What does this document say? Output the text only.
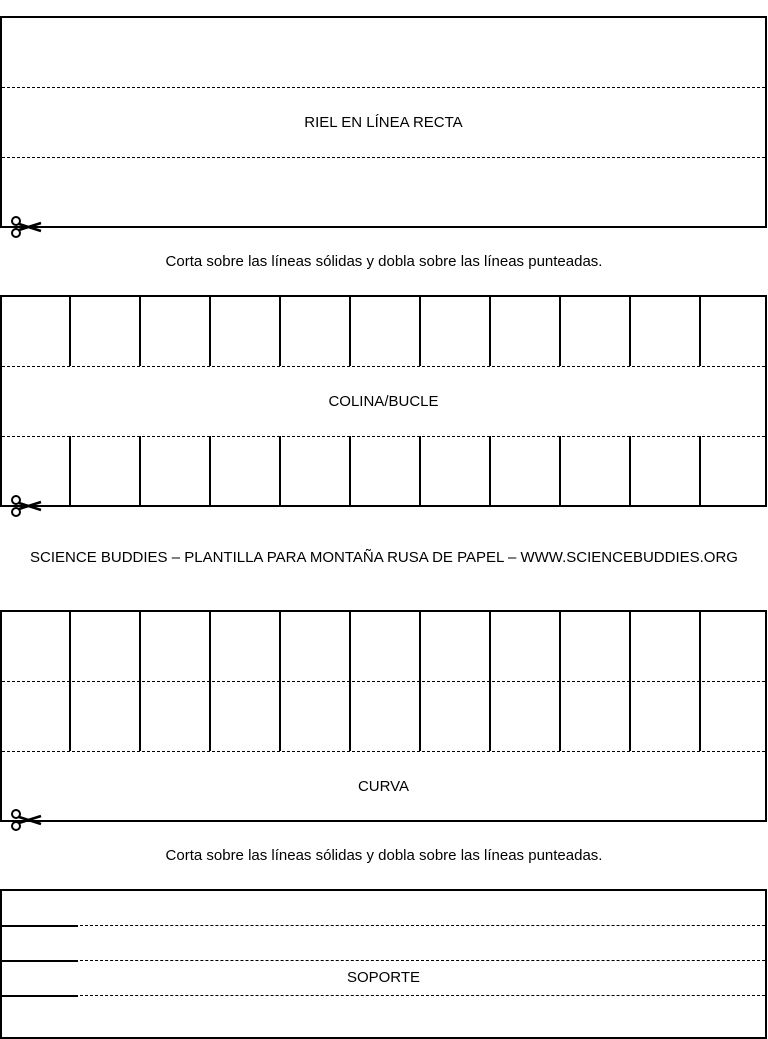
RIEL EN LÍNEA RECTA
Corta sobre las líneas sólidas y dobla sobre las líneas punteadas.
COLINA/BUCLE
SCIENCE BUDDIES – PLANTILLA PARA MONTAÑA RUSA DE PAPEL – WWW.SCIENCEBUDDIES.ORG
CURVA
Corta sobre las líneas sólidas y dobla sobre las líneas punteadas.
SOPORTE
